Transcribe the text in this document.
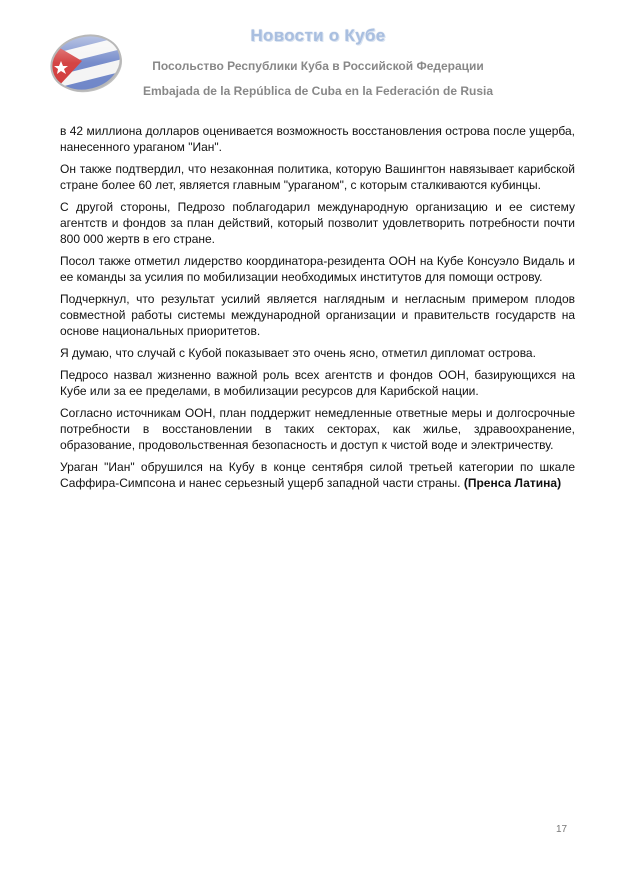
Новости о Кубе
Посольство Республики Куба в Российской Федерации
Embajada de la República de Cuba en la Federación de Rusia

в 42 миллиона долларов оценивается возможность восстановления острова после ущерба, нанесенного ураганом "Иан".

Он также подтвердил, что незаконная политика, которую Вашингтон навязывает карибской стране более 60 лет, является главным "ураганом", с которым сталкиваются кубинцы.

С другой стороны, Педрозо поблагодарил международную организацию и ее систему агентств и фондов за план действий, который позволит удовлетворить потребности почти 800 000 жертв в его стране.

Посол также отметил лидерство координатора-резидента ООН на Кубе Консуэло Видаль и ее команды за усилия по мобилизации необходимых институтов для помощи острову.

Подчеркнул, что результат усилий является наглядным и негласным примером плодов совместной работы системы международной организации и правительств государств на основе национальных приоритетов.

Я думаю, что случай с Кубой показывает это очень ясно, отметил дипломат острова.

Педросо назвал жизненно важной роль всех агентств и фондов ООН, базирующихся на Кубе или за ее пределами, в мобилизации ресурсов для Карибской нации.

Согласно источникам ООН, план поддержит немедленные ответные меры и долгосрочные потребности в восстановлении в таких секторах, как жилье, здравоохранение, образование, продовольственная безопасность и доступ к чистой воде и электричеству.

Ураган "Иан" обрушился на Кубу в конце сентября силой третьей категории по шкале Саффира-Симпсона и нанес серьезный ущерб западной части страны. (Пренса Латина)

17
